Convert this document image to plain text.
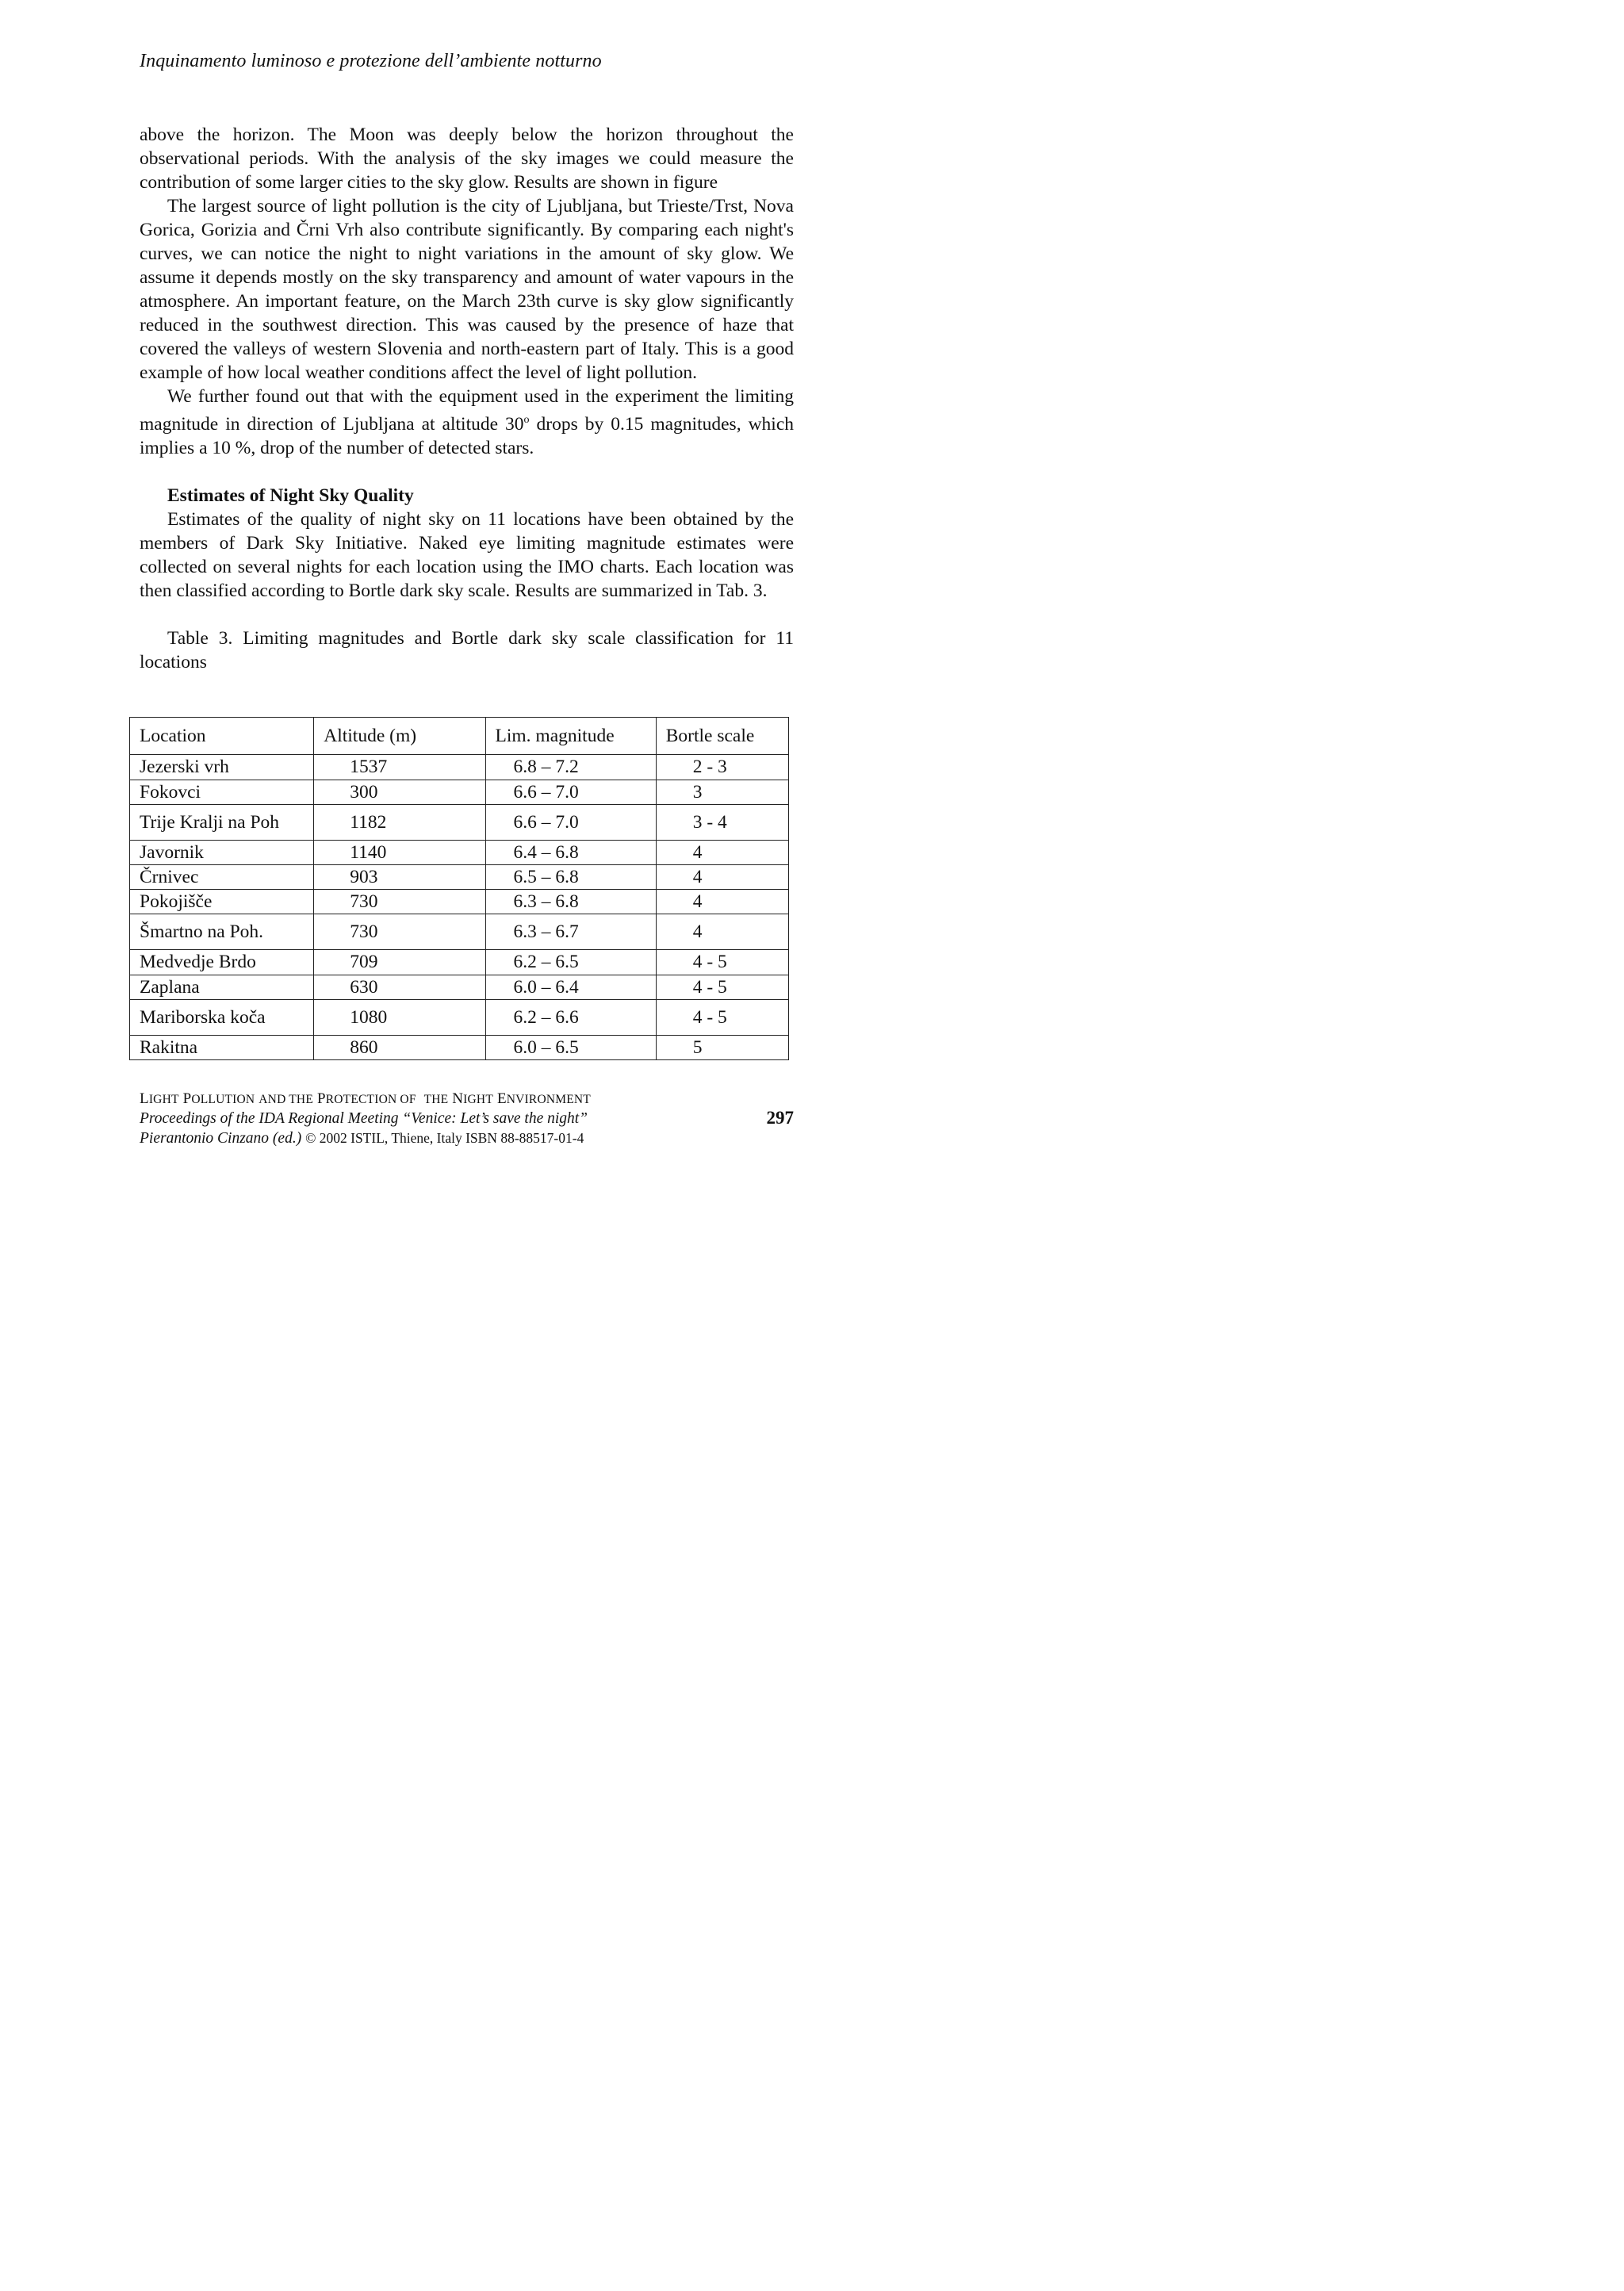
Inquinamento luminoso e protezione dell’ambiente notturno

above the horizon. The Moon was deeply below the horizon throughout the observational periods. With the analysis of the sky images we could measure the contribution of some larger cities to the sky glow. Results are shown in figure

The largest source of light pollution is the city of Ljubljana, but Trieste/Trst, Nova Gorica, Gorizia and Črni Vrh also contribute significantly. By comparing each night's curves, we can notice the night to night variations in the amount of sky glow. We assume it depends mostly on the sky transparency and amount of water vapours in the atmosphere. An important feature, on the March 23th curve is sky glow significantly reduced in the southwest direction. This was caused by the presence of haze that covered the valleys of western Slovenia and north-eastern part of Italy. This is a good example of how local weather conditions affect the level of light pollution.

We further found out that with the equipment used in the experiment the limiting magnitude in direction of Ljubljana at altitude 30$^o$ drops by 0.15 magnitudes, which implies a 10 %, drop of the number of detected stars.

Estimates of Night Sky Quality

Estimates of the quality of night sky on 11 locations have been obtained by the members of Dark Sky Initiative. Naked eye limiting magnitude estimates were collected on several nights for each location using the IMO charts. Each location was then classified according to Bortle dark sky scale. Results are summarized in Tab. 3.

Table 3. Limiting magnitudes and Bortle dark sky scale classification for 11 locations

Location	Altitude (m)	Lim. magnitude	Bortle scale
Jezerski vrh	1537	6.8 – 7.2	2 - 3
Fokovci	300	6.6 – 7.0	3
Trije Kralji na Poh	1182	6.6 – 7.0	3 - 4
Javornik	1140	6.4 – 6.8	4
Črnivec	903	6.5 – 6.8	4
Pokojišče	730	6.3 – 6.8	4
Šmartno na Poh.	730	6.3 – 6.7	4
Medvedje Brdo	709	6.2 – 6.5	4 - 5
Zaplana	630	6.0 – 6.4	4 - 5
Mariborska koča	1080	6.2 – 6.6	4 - 5
Rakitna	860	6.0 – 6.5	5
LIGHT POLLUTION AND THE PROTECTION OF THE NIGHT ENVIRONMENT
Proceedings of the IDA Regional Meeting “Venice: Let’s save the night”
Pierantonio Cinzano (ed.) © 2002 ISTIL, Thiene, Italy ISBN 88-88517-01-4
297
